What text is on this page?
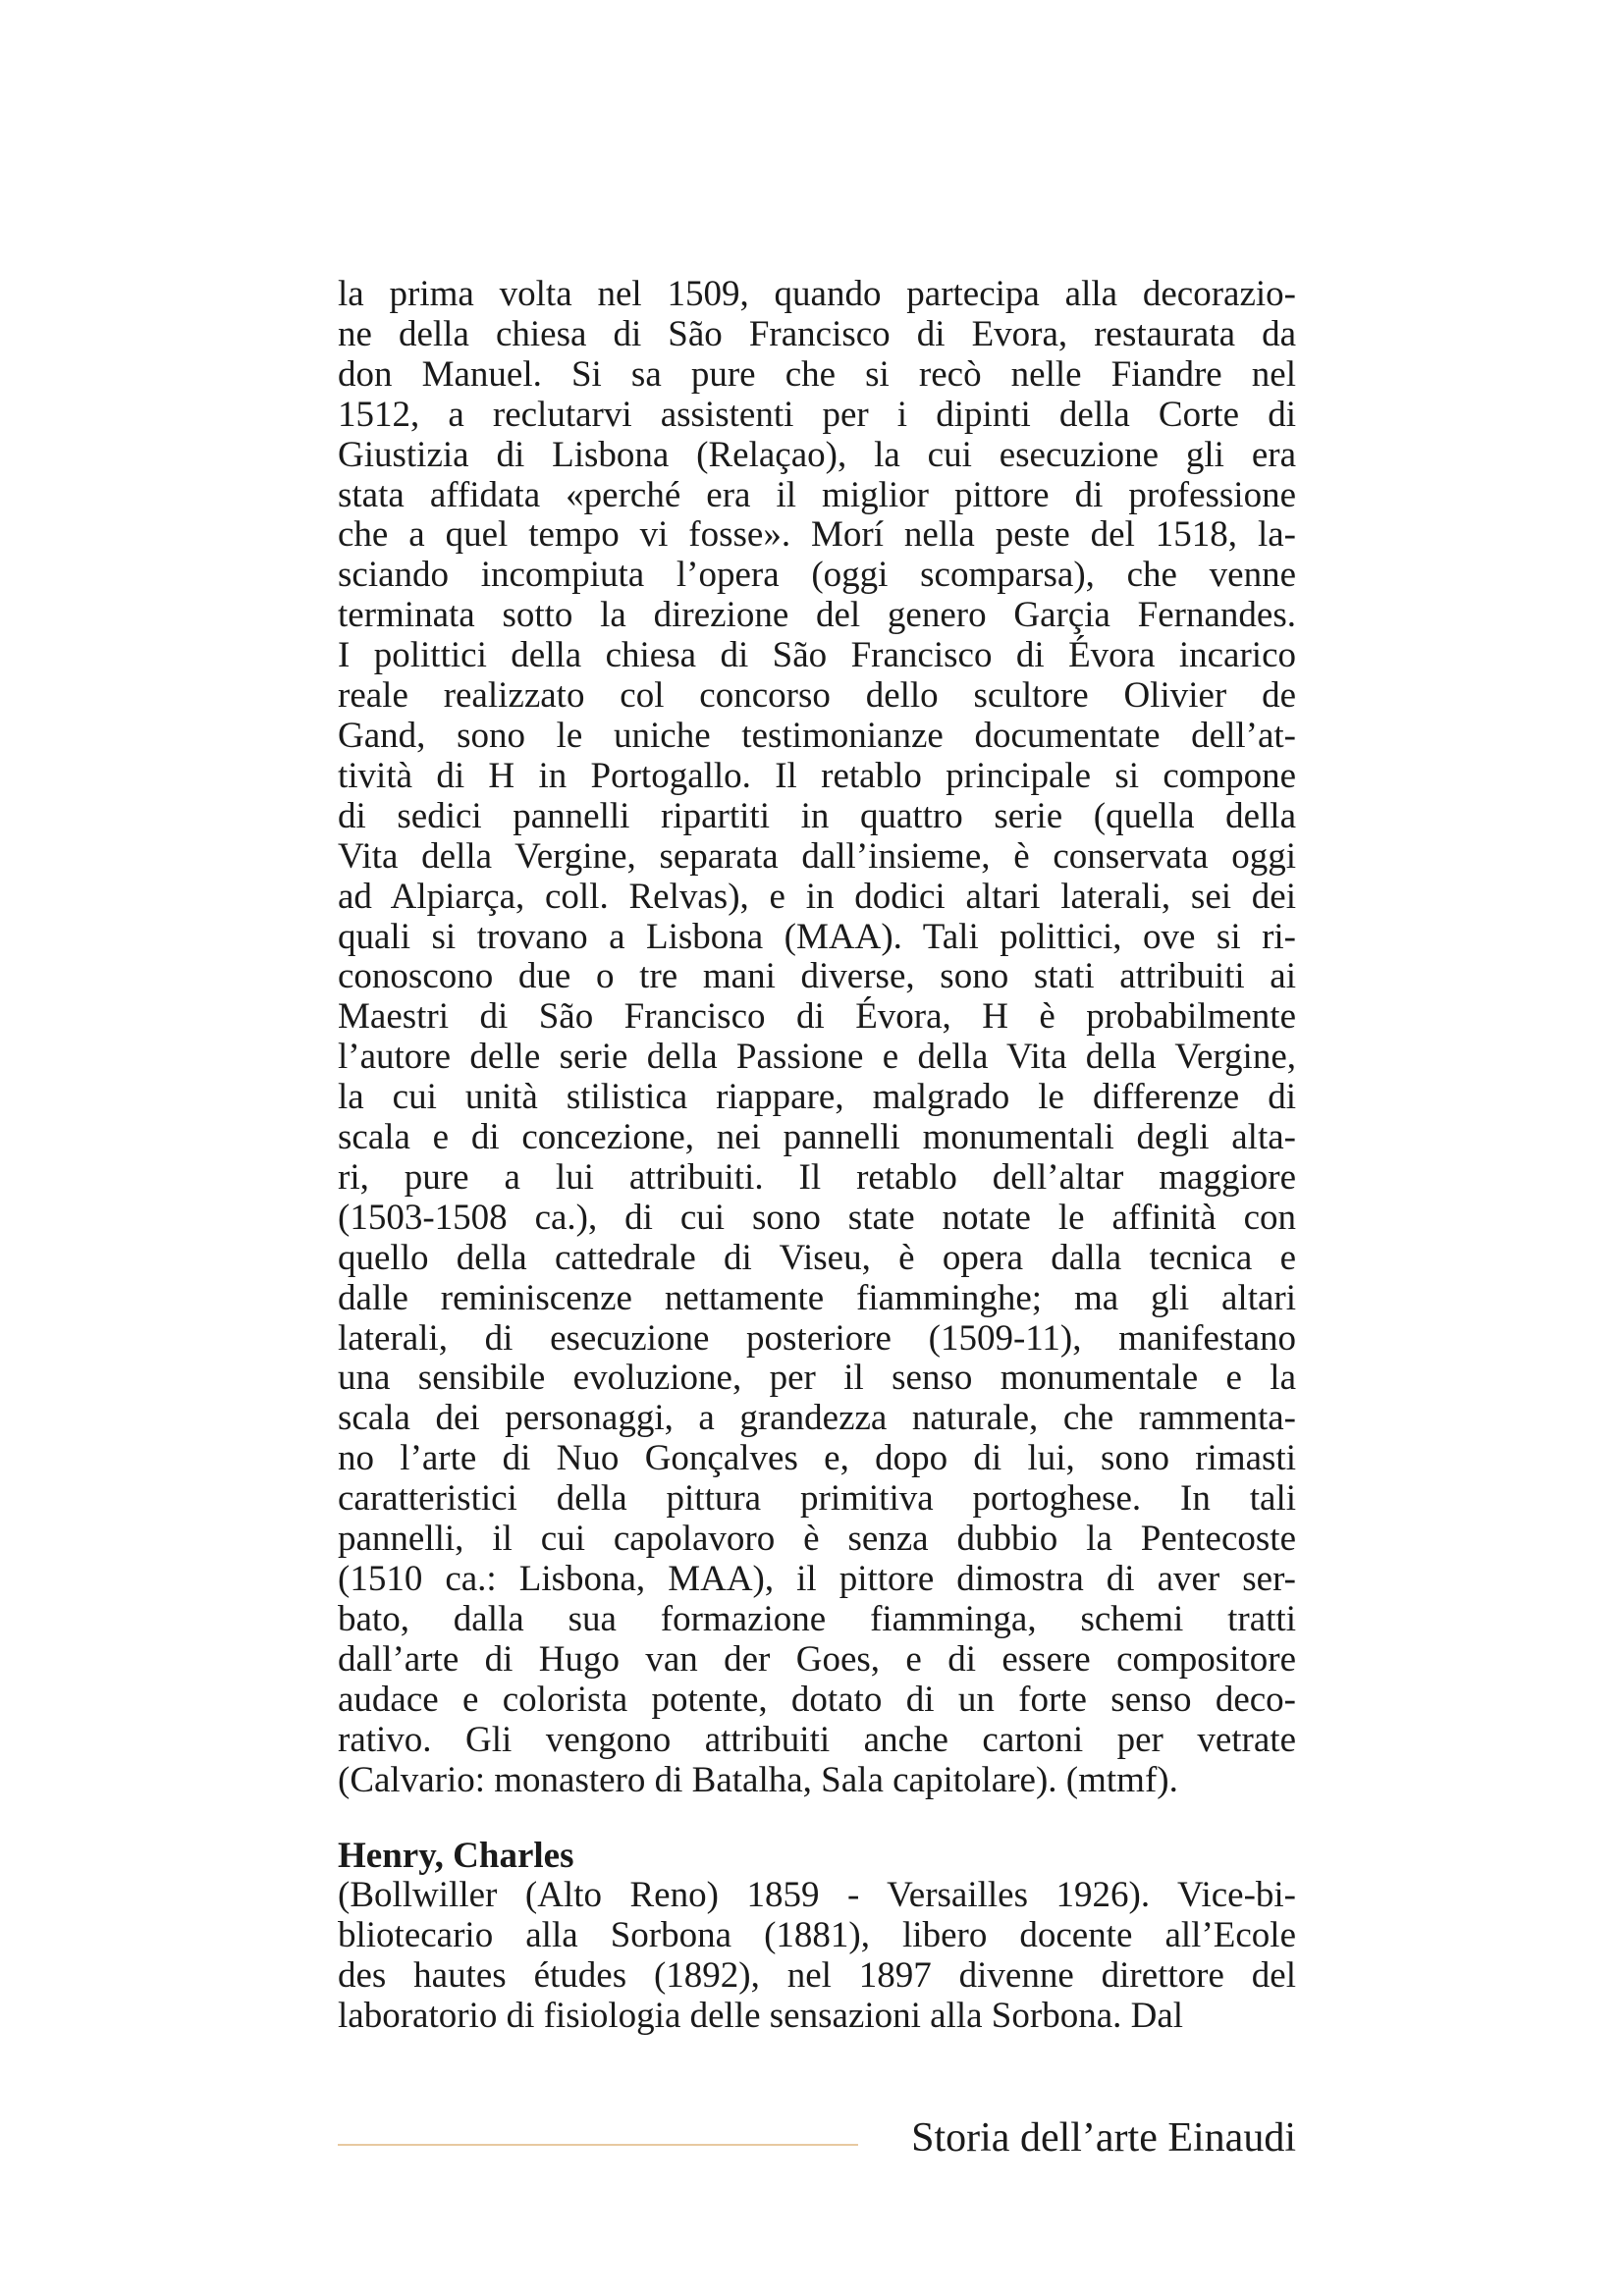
la prima volta nel 1509, quando partecipa alla decorazio-
ne della chiesa di São Francisco di Evora, restaurata da
don Manuel. Si sa pure che si recò nelle Fiandre nel
1512, a reclutarvi assistenti per i dipinti della Corte di
Giustizia di Lisbona (Relaçao), la cui esecuzione gli era
stata affidata «perché era il miglior pittore di professione
che a quel tempo vi fosse». Morí nella peste del 1518, la-
sciando incompiuta l’opera (oggi scomparsa), che venne
terminata sotto la direzione del genero Garçia Fernandes.
I polittici della chiesa di São Francisco di Évora incarico
reale realizzato col concorso dello scultore Olivier de
Gand, sono le uniche testimonianze documentate dell’at-
tività di H in Portogallo. Il retablo principale si compone
di sedici pannelli ripartiti in quattro serie (quella della
Vita della Vergine, separata dall’insieme, è conservata oggi
ad Alpiarça, coll. Relvas), e in dodici altari laterali, sei dei
quali si trovano a Lisbona (MAA). Tali polittici, ove si ri-
conoscono due o tre mani diverse, sono stati attribuiti ai
Maestri di São Francisco di Évora, H è probabilmente
l’autore delle serie della Passione e della Vita della Vergine,
la cui unità stilistica riappare, malgrado le differenze di
scala e di concezione, nei pannelli monumentali degli alta-
ri, pure a lui attribuiti. Il retablo dell’altar maggiore
(1503-1508 ca.), di cui sono state notate le affinità con
quello della cattedrale di Viseu, è opera dalla tecnica e
dalle reminiscenze nettamente fiamminghe; ma gli altari
laterali, di esecuzione posteriore (1509-11), manifestano
una sensibile evoluzione, per il senso monumentale e la
scala dei personaggi, a grandezza naturale, che rammenta-
no l’arte di Nuo Gonçalves e, dopo di lui, sono rimasti
caratteristici della pittura primitiva portoghese. In tali
pannelli, il cui capolavoro è senza dubbio la Pentecoste
(1510 ca.: Lisbona, MAA), il pittore dimostra di aver ser-
bato, dalla sua formazione fiamminga, schemi tratti
dall’arte di Hugo van der Goes, e di essere compositore
audace e colorista potente, dotato di un forte senso deco-
rativo. Gli vengono attribuiti anche cartoni per vetrate
(Calvario: monastero di Batalha, Sala capitolare). (mtmf).
Henry, Charles
(Bollwiller (Alto Reno) 1859 - Versailles 1926). Vice-bi-
bliotecario alla Sorbona (1881), libero docente all’Ecole
des hautes études (1892), nel 1897 divenne direttore del
laboratorio di fisiologia delle sensazioni alla Sorbona. Dal
Storia dell’arte Einaudi
